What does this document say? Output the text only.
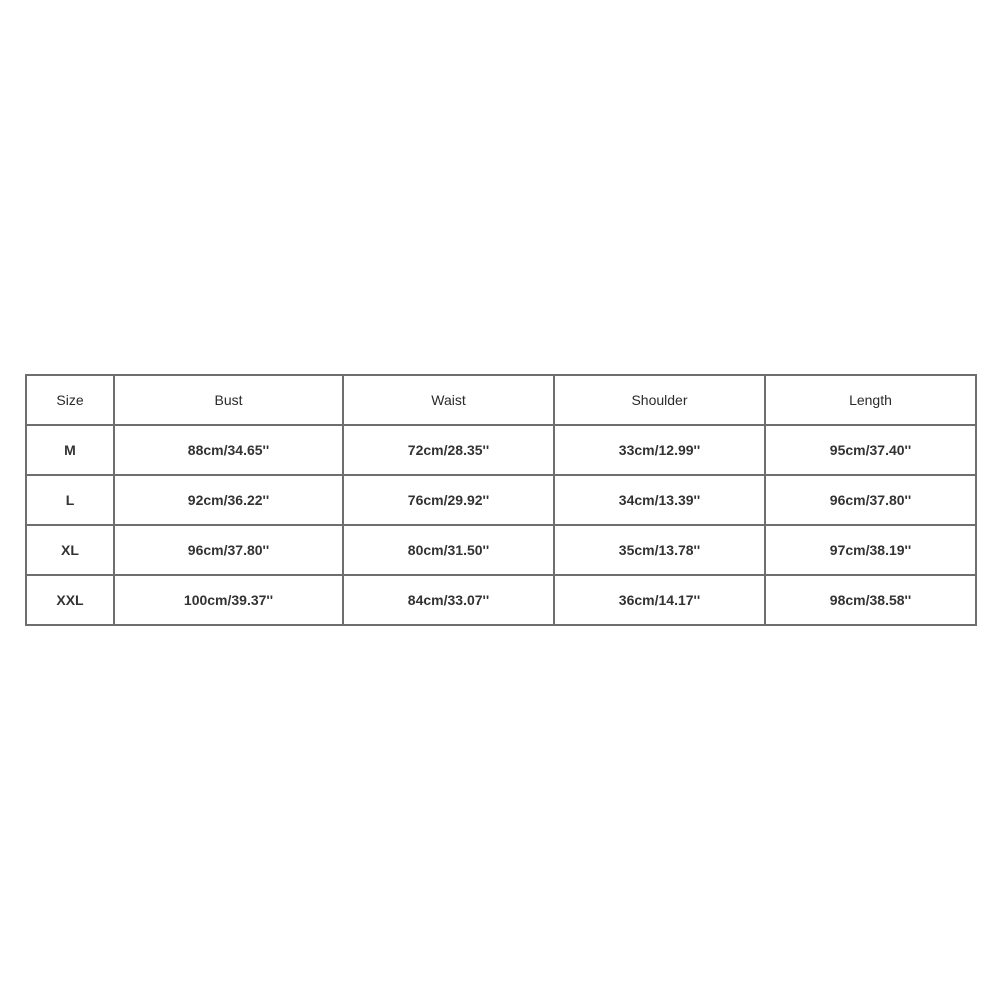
Size	Bust	Waist	Shoulder	Length
M	88cm/34.65''	72cm/28.35''	33cm/12.99''	95cm/37.40''
L	92cm/36.22''	76cm/29.92''	34cm/13.39''	96cm/37.80''
XL	96cm/37.80''	80cm/31.50''	35cm/13.78''	97cm/38.19''
XXL	100cm/39.37''	84cm/33.07''	36cm/14.17''	98cm/38.58''
